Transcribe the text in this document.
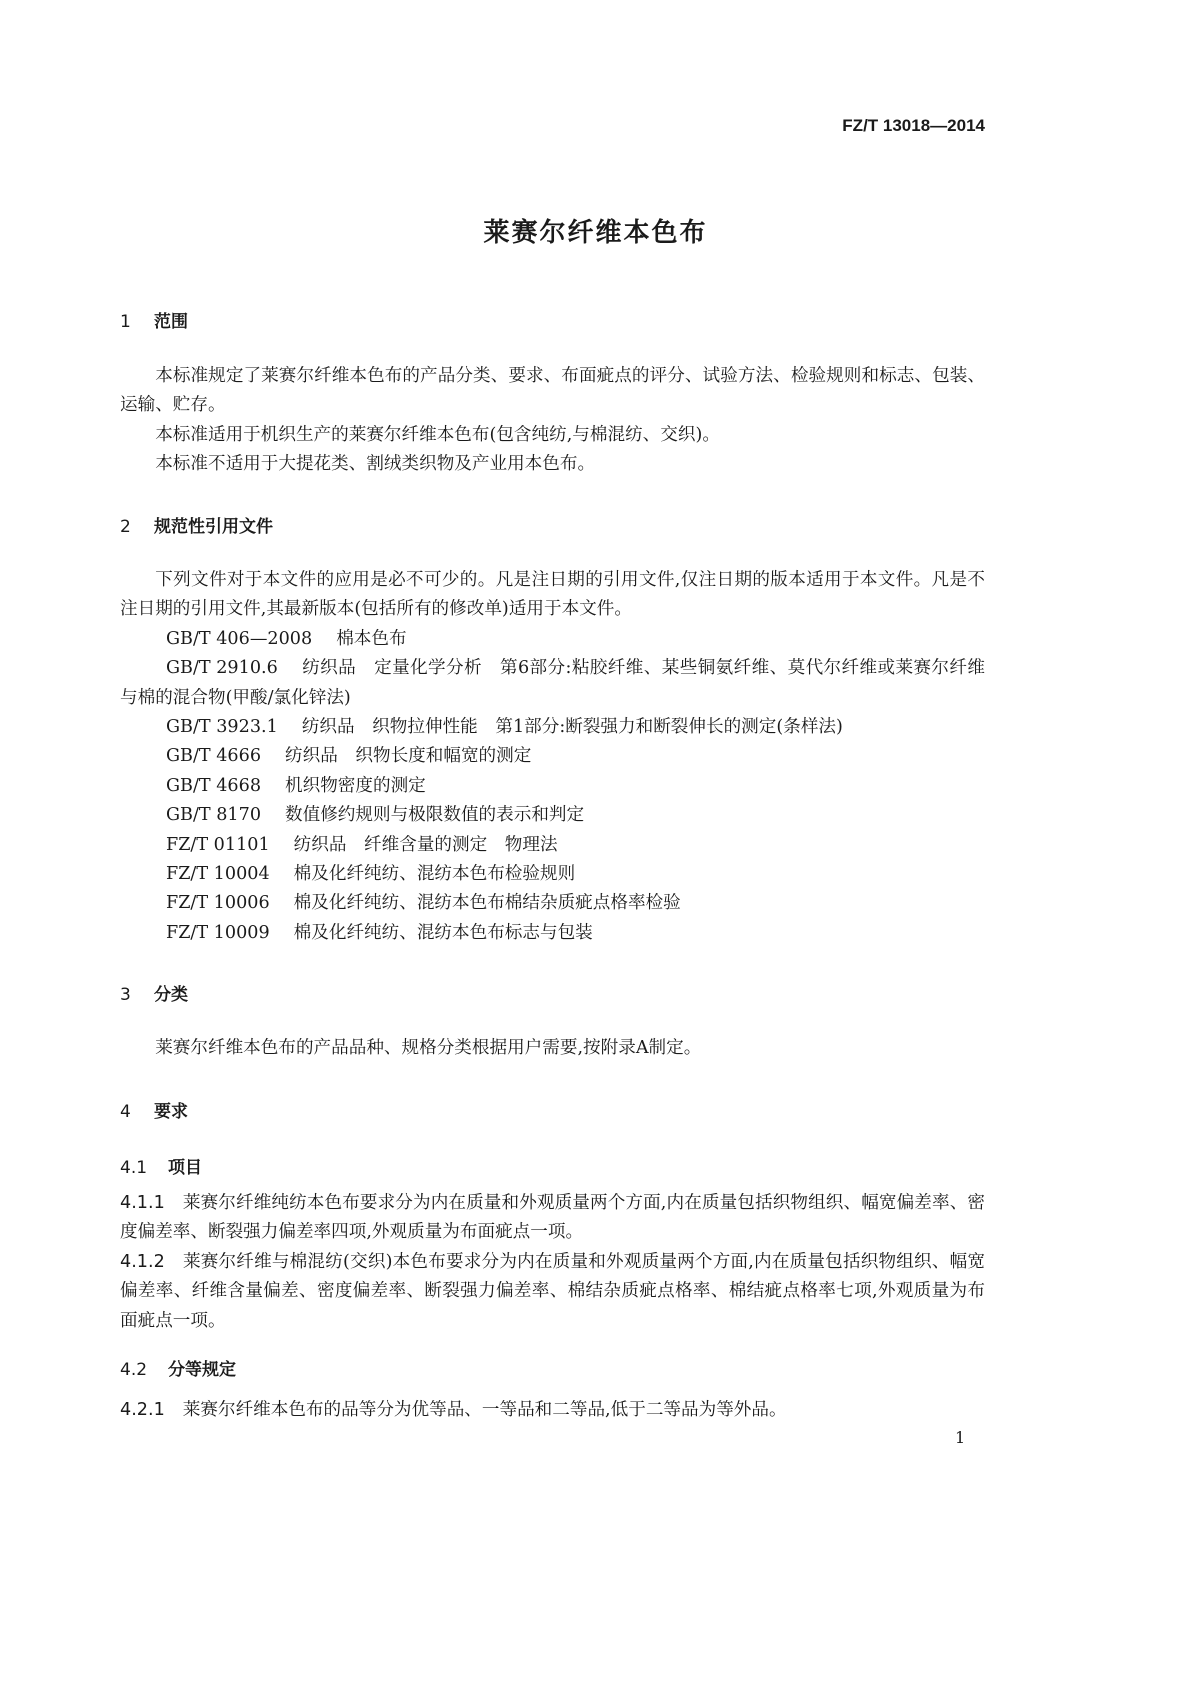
FZ/T 13018—2014
莱赛尔纤维本色布
1 范围

本标准规定了莱赛尔纤维本色布的产品分类、要求、布面疵点的评分、试验方法、检验规则和标志、包装、运输、贮存。

本标准适用于机织生产的莱赛尔纤维本色布(包含纯纺,与棉混纺、交织)。

本标准不适用于大提花类、割绒类织物及产业用本色布。

2 规范性引用文件

下列文件对于本文件的应用是必不可少的。凡是注日期的引用文件,仅注日期的版本适用于本文件。凡是不注日期的引用文件,其最新版本(包括所有的修改单)适用于本文件。

GB/T 406—2008 棉本色布

GB/T 2910.6 纺织品　定量化学分析　第6部分:粘胶纤维、某些铜氨纤维、莫代尔纤维或莱赛尔纤维与棉的混合物(甲酸/氯化锌法)

GB/T 3923.1 纺织品　织物拉伸性能　第1部分:断裂强力和断裂伸长的测定(条样法)

GB/T 4666 纺织品　织物长度和幅宽的测定

GB/T 4668 机织物密度的测定

GB/T 8170 数值修约规则与极限数值的表示和判定

FZ/T 01101 纺织品　纤维含量的测定　物理法

FZ/T 10004 棉及化纤纯纺、混纺本色布检验规则

FZ/T 10006 棉及化纤纯纺、混纺本色布棉结杂质疵点格率检验

FZ/T 10009 棉及化纤纯纺、混纺本色布标志与包装

3 分类

莱赛尔纤维本色布的产品品种、规格分类根据用户需要,按附录A制定。

4 要求
4.1 项目

4.1.1 莱赛尔纤维纯纺本色布要求分为内在质量和外观质量两个方面,内在质量包括织物组织、幅宽偏差率、密度偏差率、断裂强力偏差率四项,外观质量为布面疵点一项。

4.1.2 莱赛尔纤维与棉混纺(交织)本色布要求分为内在质量和外观质量两个方面,内在质量包括织物组织、幅宽偏差率、纤维含量偏差、密度偏差率、断裂强力偏差率、棉结杂质疵点格率、棉结疵点格率七项,外观质量为布面疵点一项。

4.2 分等规定

4.2.1 莱赛尔纤维本色布的品等分为优等品、一等品和二等品,低于二等品为等外品。

1
